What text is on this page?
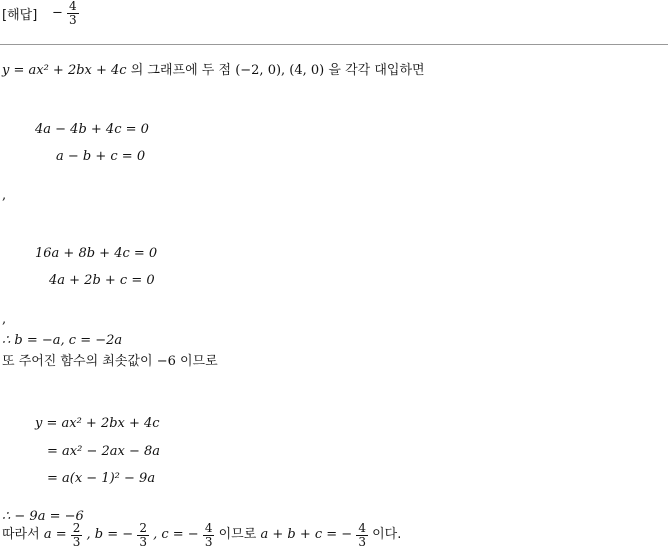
[해답] − $\frac{4}{3}$
y = ax² + 2bx + 4c 의 그래프에 두 점 (−2, 0), (4, 0) 을 각각 대입하면
4a − 4b + 4c = 0
a − b + c = 0
,
16a + 8b + 4c = 0
4a + 2b + c = 0
,
∴ b = −a, c = −2a
또 주어진 함수의 최솟값이 −6 이므로
y = ax² + 2bx + 4c
= ax² − 2ax − 8a
= a(x − 1)² − 9a
∴ − 9a = −6
따라서 $a = \frac{2}{3}$ , b = − $\frac{2}{3}$ , c = − $\frac{4}{3}$ 이므로 a + b + c = − $\frac{4}{3}$ 이다.
